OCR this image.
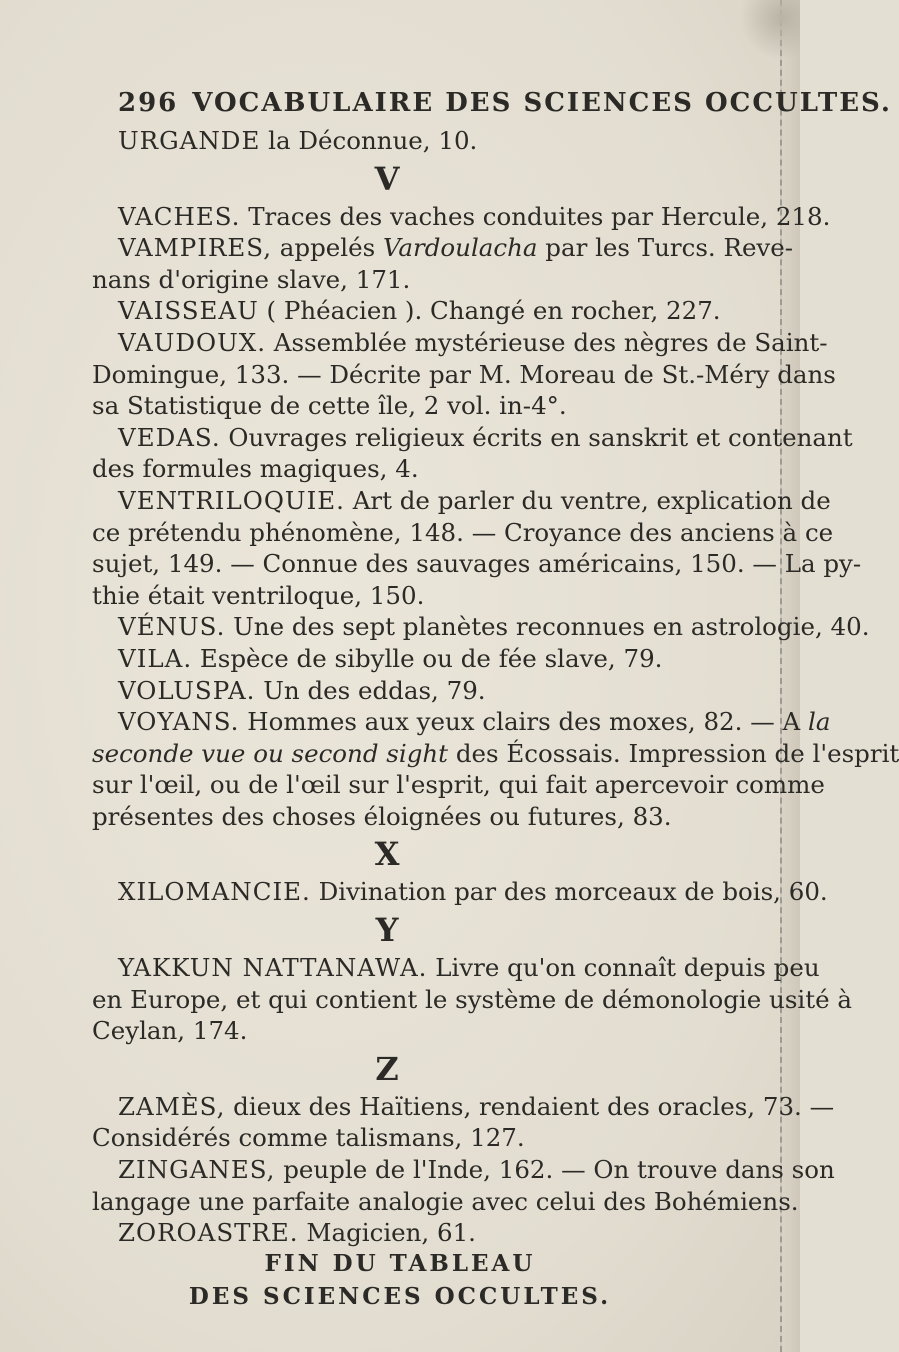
296 VOCABULAIRE DES SCIENCES OCCULTES.
URGANDE la Déconnue, 10.
V
VACHES. Traces des vaches conduites par Hercule, 218.
VAMPIRES, appelés Vardoulacha par les Turcs. Reve-
nans d'origine slave, 171.
VAISSEAU ( Phéacien ). Changé en rocher, 227.
VAUDOUX. Assemblée mystérieuse des nègres de Saint-
Domingue, 133. — Décrite par M. Moreau de St.-Méry dans
sa Statistique de cette île, 2 vol. in-4°.
VEDAS. Ouvrages religieux écrits en sanskrit et contenant
des formules magiques, 4.
VENTRILOQUIE. Art de parler du ventre, explication de
ce prétendu phénomène, 148. — Croyance des anciens à ce
sujet, 149. — Connue des sauvages américains, 150. — La py-
thie était ventriloque, 150.
VÉNUS. Une des sept planètes reconnues en astrologie, 40.
VILA. Espèce de sibylle ou de fée slave, 79.
VOLUSPA. Un des eddas, 79.
VOYANS. Hommes aux yeux clairs des moxes, 82. — A la
seconde vue ou second sight des Écossais. Impression de l'esprit
sur l'œil, ou de l'œil sur l'esprit, qui fait apercevoir comme
présentes des choses éloignées ou futures, 83.
X
XILOMANCIE. Divination par des morceaux de bois, 60.
Y
YAKKUN NATTANAWA. Livre qu'on connaît depuis peu
en Europe, et qui contient le système de démonologie usité à
Ceylan, 174.
Z
ZAMÈS, dieux des Haïtiens, rendaient des oracles, 73. —
Considérés comme talismans, 127.
ZINGANES, peuple de l'Inde, 162. — On trouve dans son
langage une parfaite analogie avec celui des Bohémiens.
ZOROASTRE. Magicien, 61.
FIN DU TABLEAU
DES SCIENCES OCCULTES.
